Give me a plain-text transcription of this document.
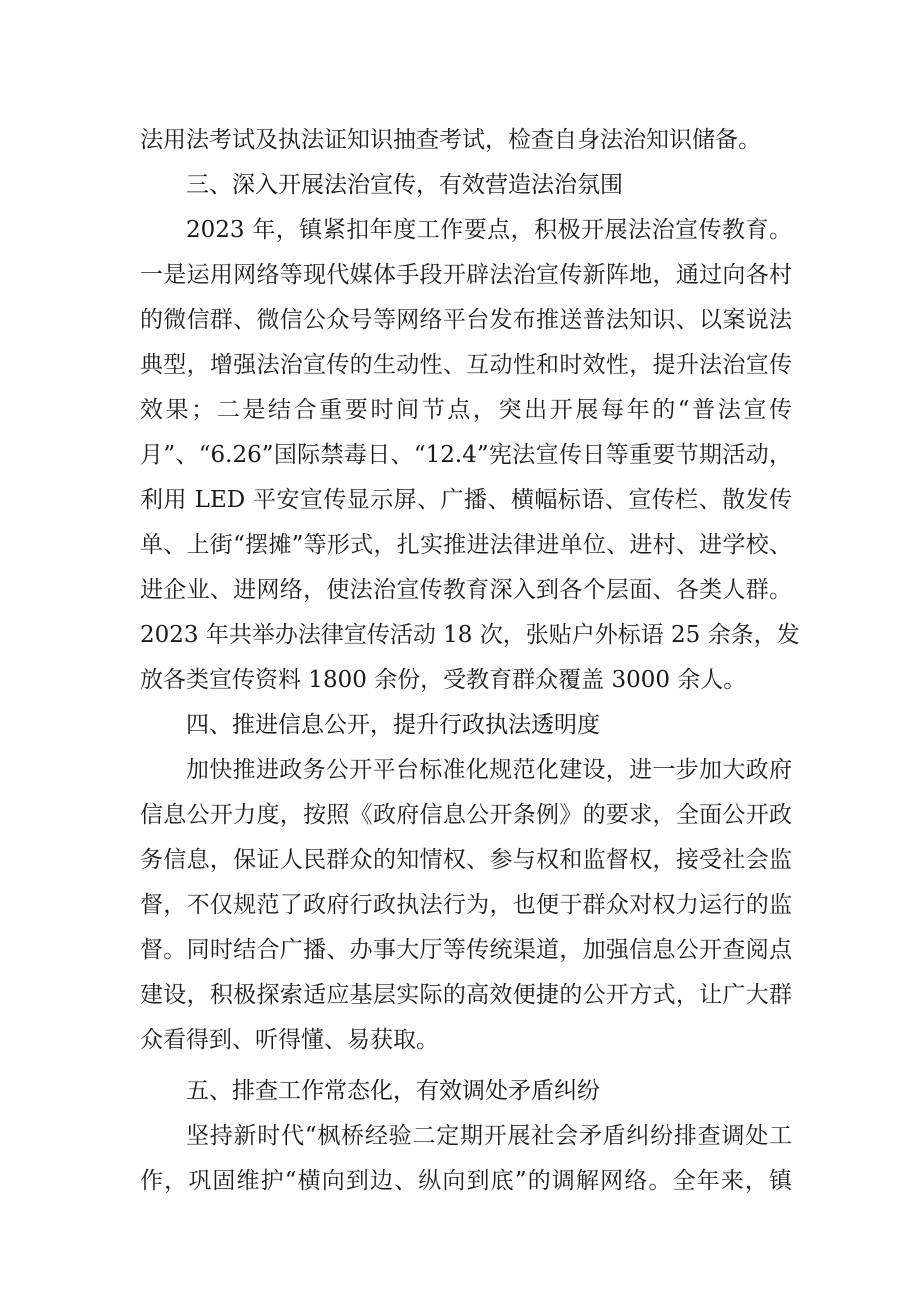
法用法考试及执法证知识抽查考试，检查自身法治知识储备。
三、深入开展法治宣传，有效营造法治氛围
2023 年，镇紧扣年度工作要点，积极开展法治宣传教育。
一是运用网络等现代媒体手段开辟法治宣传新阵地，通过向各村
的微信群、微信公众号等网络平台发布推送普法知识、以案说法
典型，增强法治宣传的生动性、互动性和时效性，提升法治宣传
效果；二是结合重要时间节点，突出开展每年的“普法宣传
月”、“6.26”国际禁毒日、“12.4”宪法宣传日等重要节期活动，
利用 LED 平安宣传显示屏、广播、横幅标语、宣传栏、散发传
单、上街“摆摊”等形式，扎实推进法律进单位、进村、进学校、
进企业、进网络，使法治宣传教育深入到各个层面、各类人群。
2023 年共举办法律宣传活动 18 次，张贴户外标语 25 余条，发
放各类宣传资料 1800 余份，受教育群众覆盖 3000 余人。
四、推进信息公开，提升行政执法透明度
加快推进政务公开平台标准化规范化建设，进一步加大政府
信息公开力度，按照《政府信息公开条例》的要求，全面公开政
务信息，保证人民群众的知情权、参与权和监督权，接受社会监
督，不仅规范了政府行政执法行为，也便于群众对权力运行的监
督。同时结合广播、办事大厅等传统渠道，加强信息公开查阅点
建设，积极探索适应基层实际的高效便捷的公开方式，让广大群
众看得到、听得懂、易获取。
五、排查工作常态化，有效调处矛盾纠纷
坚持新时代“枫桥经验二定期开展社会矛盾纠纷排查调处工
作，巩固维护“横向到边、纵向到底”的调解网络。全年来，镇
